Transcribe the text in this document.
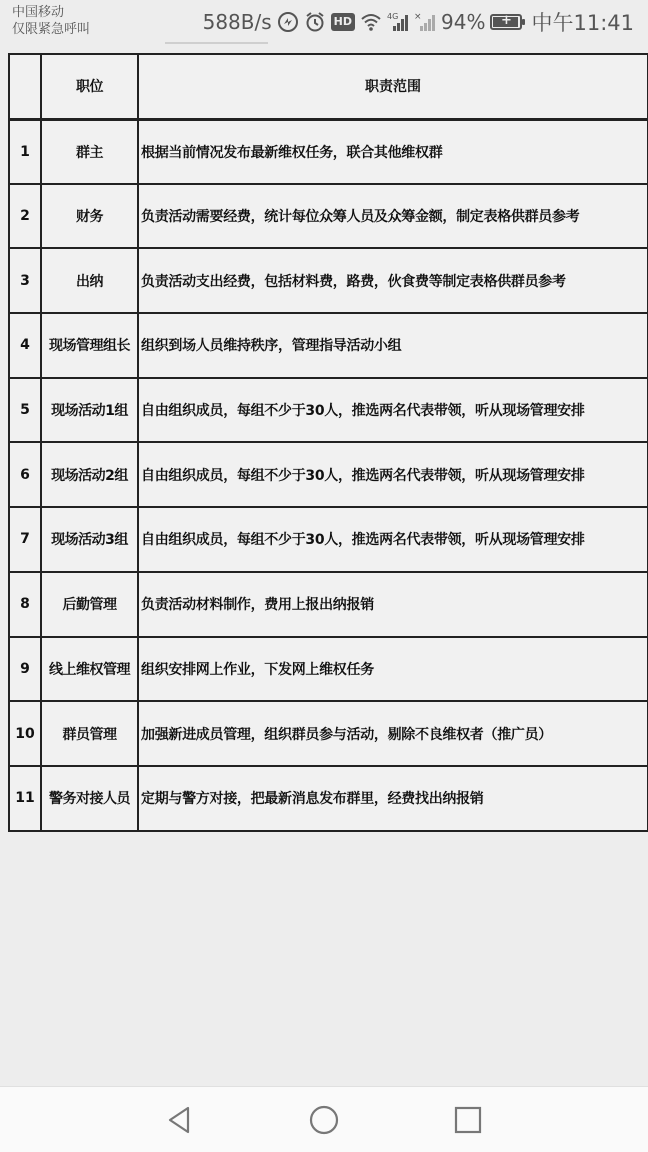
中国移动
仅限紧急呼叫	588B/s	HD	4G × 94%	+ 中午11:41
	职位	职责范围
1	群主	根据当前情况发布最新维权任务，联合其他维权群
2	财务	负责活动需要经费，统计每位众筹人员及众筹金额，制定表格供群员参考
3	出纳	负责活动支出经费，包括材料费，路费，伙食费等制定表格供群员参考
4	现场管理组长	组织到场人员维持秩序，管理指导活动小组
5	现场活动1组	自由组织成员，每组不少于30人，推选两名代表带领，听从现场管理安排
6	现场活动2组	自由组织成员，每组不少于30人，推选两名代表带领，听从现场管理安排
7	现场活动3组	自由组织成员，每组不少于30人，推选两名代表带领，听从现场管理安排
8	后勤管理	负责活动材料制作，费用上报出纳报销
9	线上维权管理	组织安排网上作业，下发网上维权任务
10	群员管理	加强新进成员管理，组织群员参与活动，剔除不良维权者（推广员）
11	警务对接人员	定期与警方对接，把最新消息发布群里，经费找出纳报销
